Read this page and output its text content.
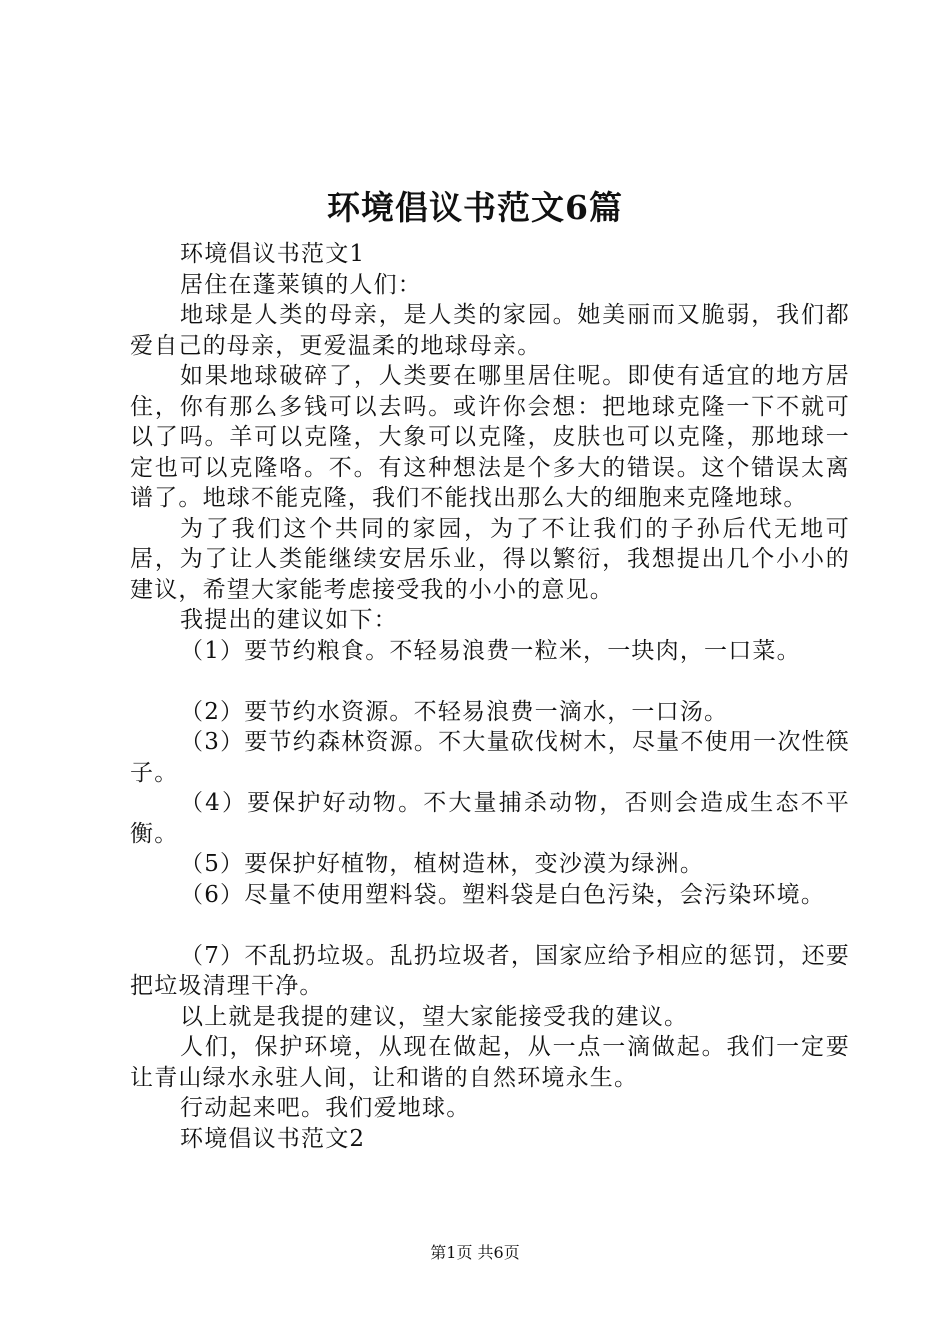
环境倡议书范文6篇

环境倡议书范文1

居住在蓬莱镇的人们：

地球是人类的母亲，是人类的家园。她美丽而又脆弱，我们都爱自己的母亲，更爱温柔的地球母亲。

如果地球破碎了，人类要在哪里居住呢。即使有适宜的地方居住，你有那么多钱可以去吗。或许你会想：把地球克隆一下不就可以了吗。羊可以克隆，大象可以克隆，皮肤也可以克隆，那地球一定也可以克隆咯。不。有这种想法是个多大的错误。这个错误太离谱了。地球不能克隆，我们不能找出那么大的细胞来克隆地球。

为了我们这个共同的家园，为了不让我们的子孙后代无地可居，为了让人类能继续安居乐业，得以繁衍，我想提出几个小小的建议，希望大家能考虑接受我的小小的意见。

我提出的建议如下：

（1）要节约粮食。不轻易浪费一粒米，一块肉，一口菜。

（2）要节约水资源。不轻易浪费一滴水，一口汤。

（3）要节约森林资源。不大量砍伐树木，尽量不使用一次性筷子。

（4）要保护好动物。不大量捕杀动物，否则会造成生态不平衡。

（5）要保护好植物，植树造林，变沙漠为绿洲。

（6）尽量不使用塑料袋。塑料袋是白色污染，会污染环境。

（7）不乱扔垃圾。乱扔垃圾者，国家应给予相应的惩罚，还要把垃圾清理干净。

以上就是我提的建议，望大家能接受我的建议。

人们，保护环境，从现在做起，从一点一滴做起。我们一定要让青山绿水永驻人间，让和谐的自然环境永生。

行动起来吧。我们爱地球。

环境倡议书范文2

第1页 共6页
